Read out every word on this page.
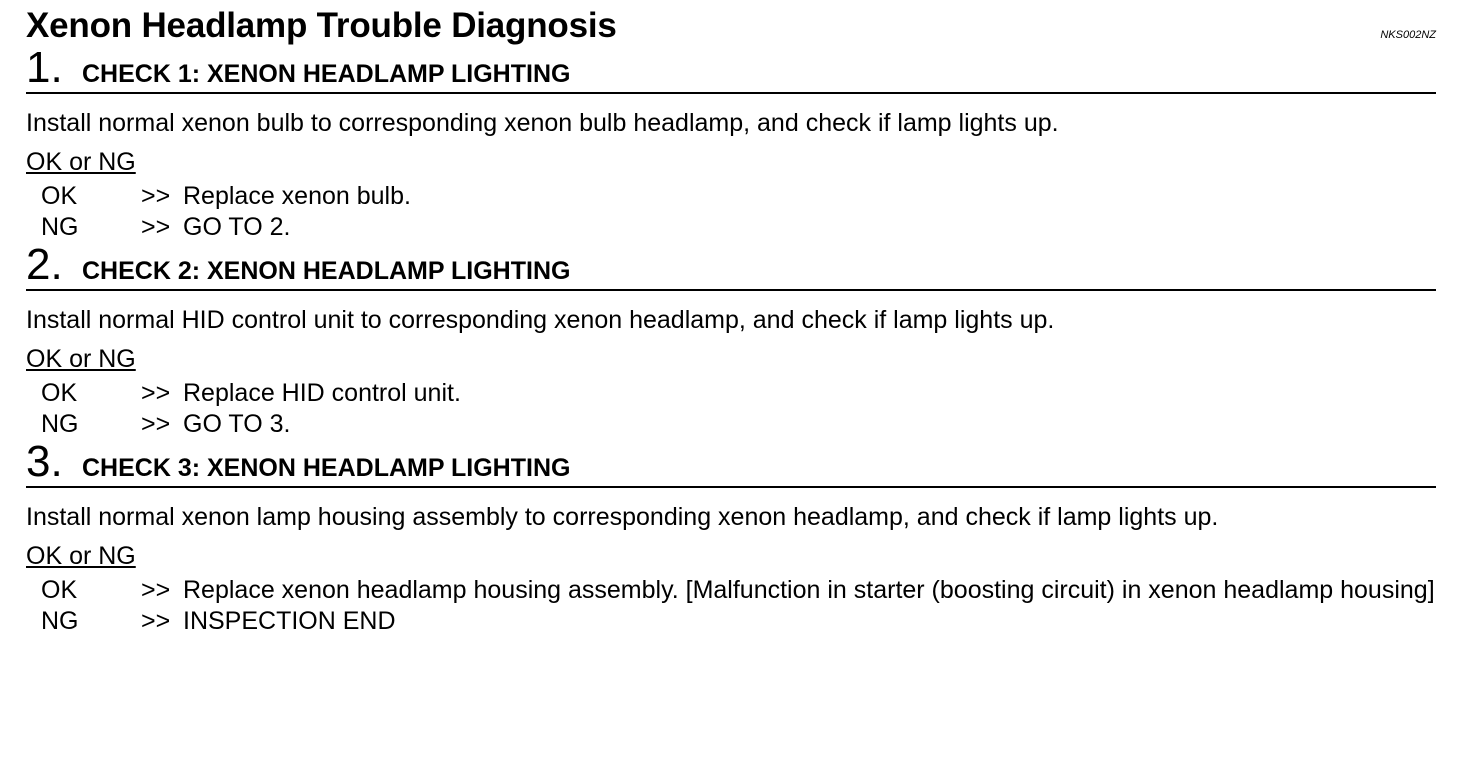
Xenon Headlamp Trouble Diagnosis	NKS002NZ
1. CHECK 1: XENON HEADLAMP LIGHTING

Install normal xenon bulb to corresponding xenon bulb headlamp, and check if lamp lights up.

OK or NG
OK	>> Replace xenon bulb.
NG	>> GO TO 2.
2. CHECK 2: XENON HEADLAMP LIGHTING

Install normal HID control unit to corresponding xenon headlamp, and check if lamp lights up.

OK or NG
OK	>> Replace HID control unit.
NG	>> GO TO 3.
3. CHECK 3: XENON HEADLAMP LIGHTING

Install normal xenon lamp housing assembly to corresponding xenon headlamp, and check if lamp lights up.

OK or NG
OK	>> Replace xenon headlamp housing assembly. [Malfunction in starter (boosting circuit) in xenon headlamp housing]
NG	>> INSPECTION END
